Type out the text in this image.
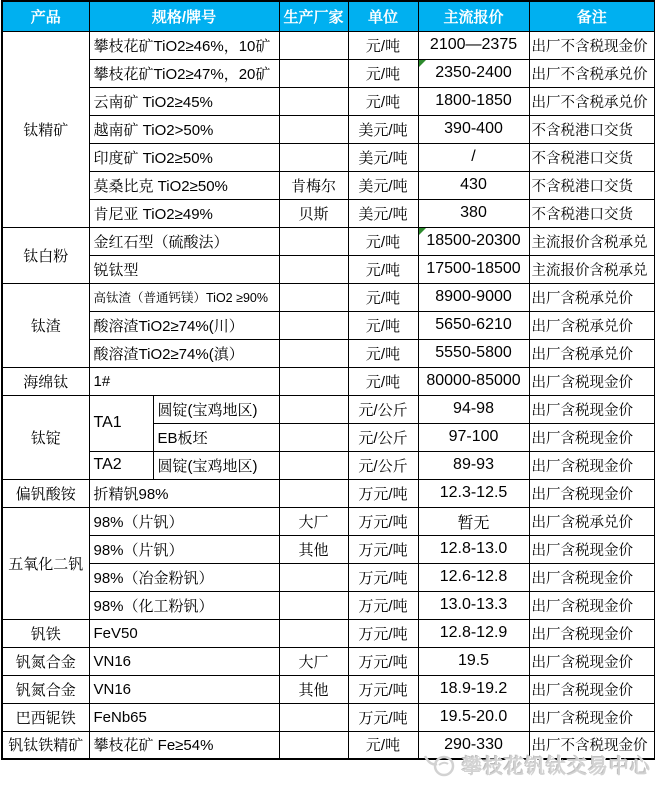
产品	规格/牌号		生产厂家	单位	主流报价	备注
钛精矿	攀枝花矿TiO2≥46%，10矿			元/吨	2100—2375	出厂不含税现金价
	攀枝花矿TiO2≥47%，20矿			元/吨	2350-2400	出厂不含税承兑价
	云南矿 TiO2≥45%			元/吨	1800-1850	出厂不含税承兑价
	越南矿 TiO2>50%			美元/吨	390-400	不含税港口交货
	印度矿 TiO2≥50%			美元/吨	/	不含税港口交货
	莫桑比克 TiO2≥50%		肯梅尔	美元/吨	430	不含税港口交货
	肯尼亚 TiO2≥49%		贝斯	美元/吨	380	不含税港口交货
钛白粉	金红石型（硫酸法）			元/吨	18500-20300	主流报价含税承兑
	锐钛型			元/吨	17500-18500	主流报价含税承兑
钛渣	高钛渣（普通钙镁）TiO2 ≥90%			元/吨	8900-9000	出厂含税承兑价
	酸溶渣TiO2≥74%(川）			元/吨	5650-6210	出厂含税承兑价
	酸溶渣TiO2≥74%(滇）			元/吨	5550-5800	出厂含税承兑价
海绵钛	1#			元/吨	80000-85000	出厂含税现金价
钛锭	TA1	圆锭(宝鸡地区)		元/公斤	94-98	出厂含税现金价
		EB板坯		元/公斤	97-100	出厂含税现金价
	TA2	圆锭(宝鸡地区)		元/公斤	89-93	出厂含税现金价
偏钒酸铵	折精钒98%			万元/吨	12.3-12.5	出厂含税现金价
五氧化二钒	98%（片钒）		大厂	万元/吨	暂无	出厂含税承兑价
	98%（片钒）		其他	万元/吨	12.8-13.0	出厂含税现金价
	98%（冶金粉钒）			万元/吨	12.6-12.8	出厂含税现金价
	98%（化工粉钒）			万元/吨	13.0-13.3	出厂含税现金价
钒铁	FeV50			万元/吨	12.8-12.9	出厂含税现金价
钒氮合金	VN16		大厂	万元/吨	19.5	出厂含税现金价
钒氮合金	VN16		其他	万元/吨	18.9-19.2	出厂含税现金价
巴西铌铁	FeNb65			万元/吨	19.5-20.0	出厂含税现金价
钒钛铁精矿	攀枝花矿 Fe≥54%			元/吨	290-330	出厂不含税现金价
攀枝花钒钛交易中心
